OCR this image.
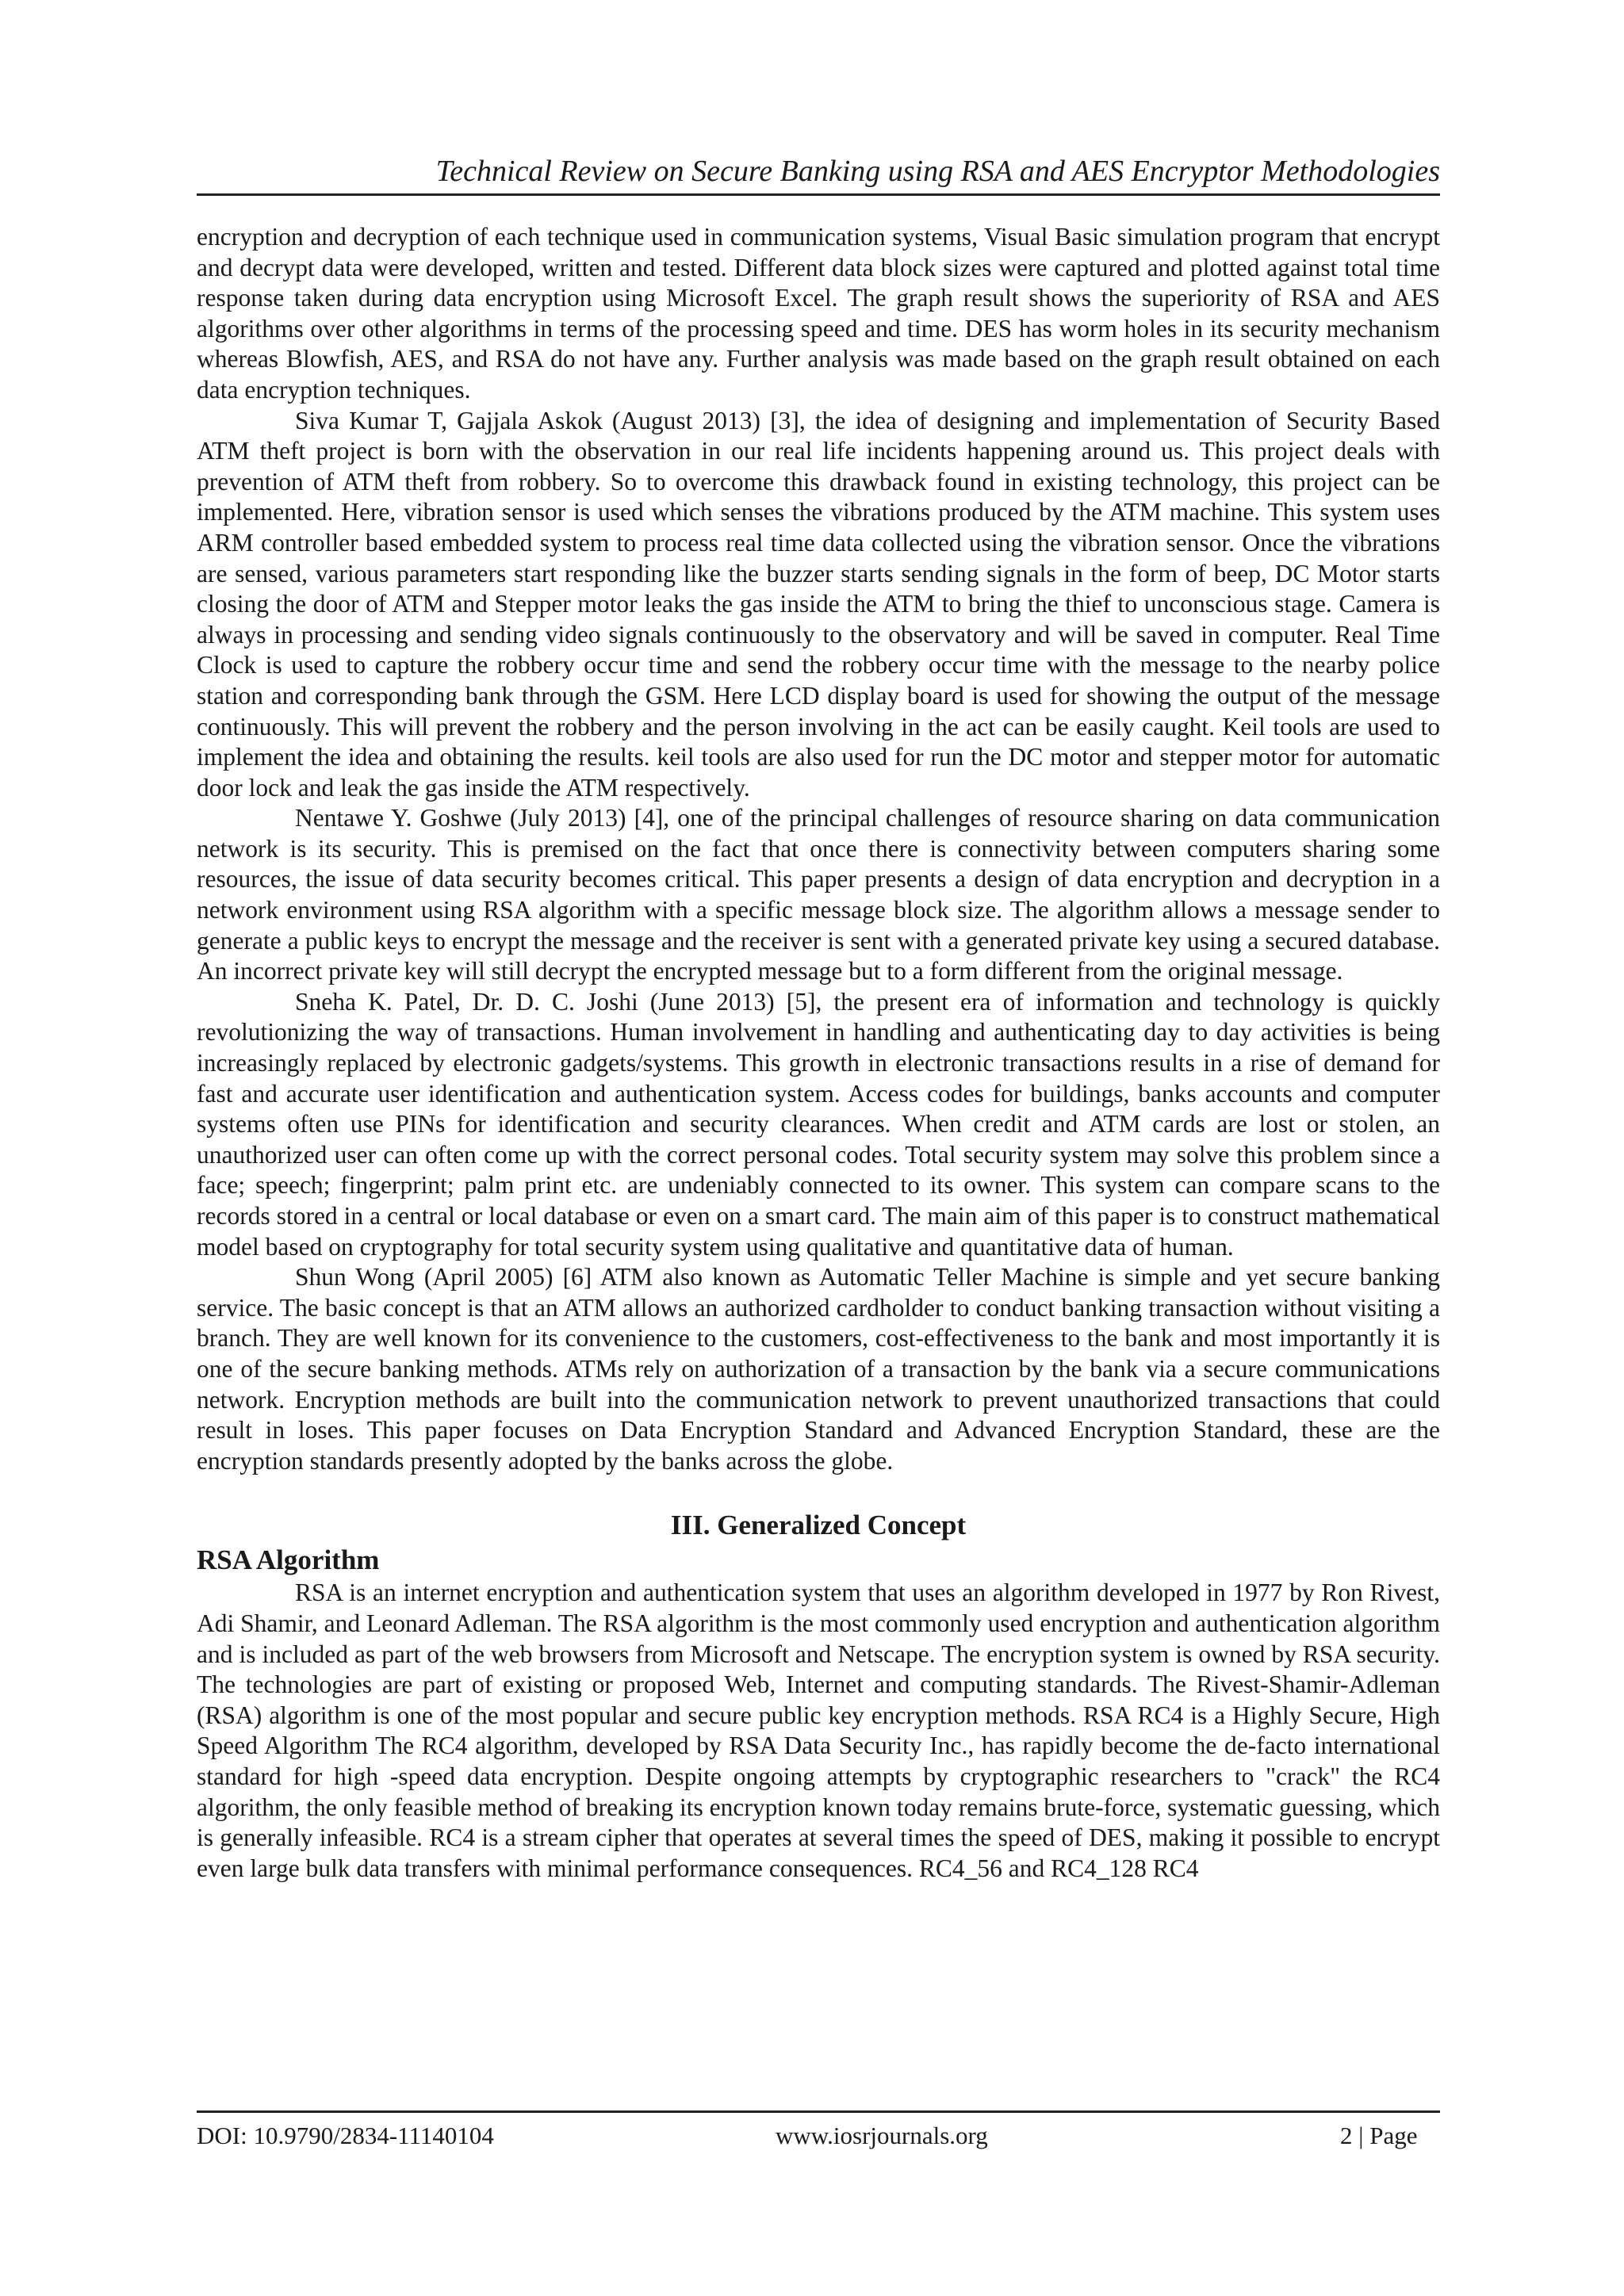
Technical Review on Secure Banking using RSA and AES Encryptor Methodologies

encryption and decryption of each technique used in communication systems, Visual Basic simulation program that encrypt and decrypt data were developed, written and tested. Different data block sizes were captured and plotted against total time response taken during data encryption using Microsoft Excel. The graph result shows the superiority of RSA and AES algorithms over other algorithms in terms of the processing speed and time. DES has worm holes in its security mechanism whereas Blowfish, AES, and RSA do not have any. Further analysis was made based on the graph result obtained on each data encryption techniques.

Siva Kumar T, Gajjala Askok (August 2013) [3], the idea of designing and implementation of Security Based ATM theft project is born with the observation in our real life incidents happening around us. This project deals with prevention of ATM theft from robbery. So to overcome this drawback found in existing technology, this project can be implemented. Here, vibration sensor is used which senses the vibrations produced by the ATM machine. This system uses ARM controller based embedded system to process real time data collected using the vibration sensor. Once the vibrations are sensed, various parameters start responding like the buzzer starts sending signals in the form of beep, DC Motor starts closing the door of ATM and Stepper motor leaks the gas inside the ATM to bring the thief to unconscious stage. Camera is always in processing and sending video signals continuously to the observatory and will be saved in computer. Real Time Clock is used to capture the robbery occur time and send the robbery occur time with the message to the nearby police station and corresponding bank through the GSM. Here LCD display board is used for showing the output of the message continuously. This will prevent the robbery and the person involving in the act can be easily caught. Keil tools are used to implement the idea and obtaining the results. keil tools are also used for run the DC motor and stepper motor for automatic door lock and leak the gas inside the ATM respectively.

Nentawe Y. Goshwe (July 2013) [4], one of the principal challenges of resource sharing on data communication network is its security. This is premised on the fact that once there is connectivity between computers sharing some resources, the issue of data security becomes critical. This paper presents a design of data encryption and decryption in a network environment using RSA algorithm with a specific message block size. The algorithm allows a message sender to generate a public keys to encrypt the message and the receiver is sent with a generated private key using a secured database. An incorrect private key will still decrypt the encrypted message but to a form different from the original message.

Sneha K. Patel, Dr. D. C. Joshi (June 2013) [5], the present era of information and technology is quickly revolutionizing the way of transactions. Human involvement in handling and authenticating day to day activities is being increasingly replaced by electronic gadgets/systems. This growth in electronic transactions results in a rise of demand for fast and accurate user identification and authentication system. Access codes for buildings, banks accounts and computer systems often use PINs for identification and security clearances. When credit and ATM cards are lost or stolen, an unauthorized user can often come up with the correct personal codes. Total security system may solve this problem since a face; speech; fingerprint; palm print etc. are undeniably connected to its owner. This system can compare scans to the records stored in a central or local database or even on a smart card. The main aim of this paper is to construct mathematical model based on cryptography for total security system using qualitative and quantitative data of human.

Shun Wong (April 2005) [6] ATM also known as Automatic Teller Machine is simple and yet secure banking service. The basic concept is that an ATM allows an authorized cardholder to conduct banking transaction without visiting a branch. They are well known for its convenience to the customers, cost-effectiveness to the bank and most importantly it is one of the secure banking methods. ATMs rely on authorization of a transaction by the bank via a secure communications network. Encryption methods are built into the communication network to prevent unauthorized transactions that could result in loses. This paper focuses on Data Encryption Standard and Advanced Encryption Standard, these are the encryption standards presently adopted by the banks across the globe.

III. Generalized Concept
RSA Algorithm

RSA is an internet encryption and authentication system that uses an algorithm developed in 1977 by Ron Rivest, Adi Shamir, and Leonard Adleman. The RSA algorithm is the most commonly used encryption and authentication algorithm and is included as part of the web browsers from Microsoft and Netscape. The encryption system is owned by RSA security. The technologies are part of existing or proposed Web, Internet and computing standards. The Rivest-Shamir-Adleman (RSA) algorithm is one of the most popular and secure public key encryption methods. RSA RC4 is a Highly Secure, High Speed Algorithm The RC4 algorithm, developed by RSA Data Security Inc., has rapidly become the de-facto international standard for high -speed data encryption. Despite ongoing attempts by cryptographic researchers to "crack" the RC4 algorithm, the only feasible method of breaking its encryption known today remains brute-force, systematic guessing, which is generally infeasible. RC4 is a stream cipher that operates at several times the speed of DES, making it possible to encrypt even large bulk data transfers with minimal performance consequences. RC4_56 and RC4_128 RC4

DOI: 10.9790/2834-11140104	www.iosrjournals.org	2 | Page
